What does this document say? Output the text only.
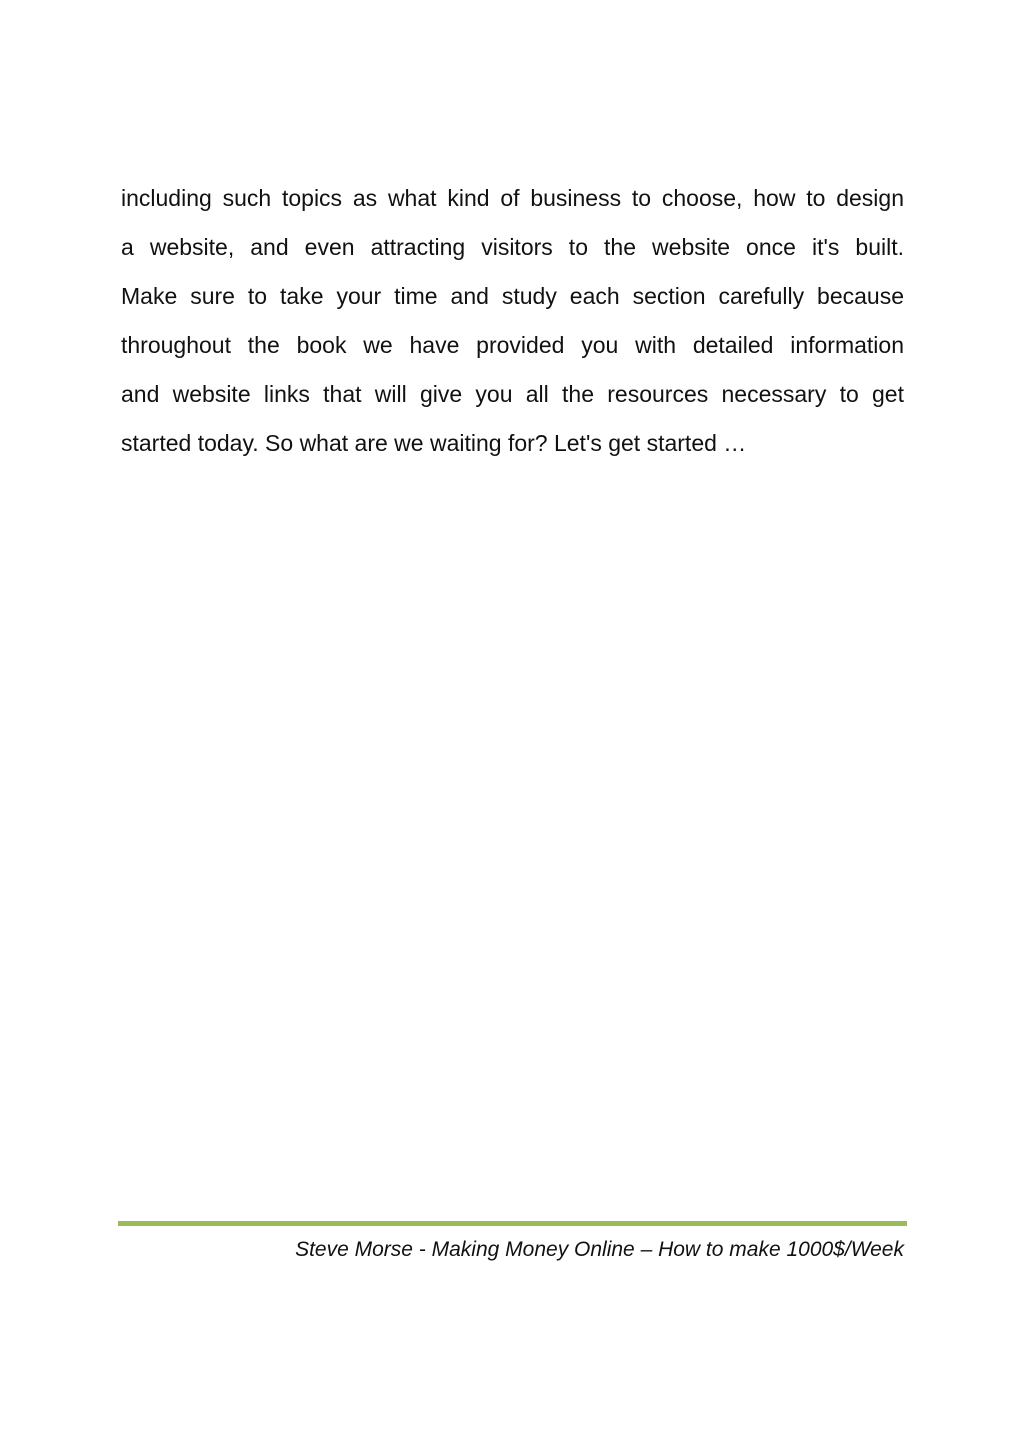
including such topics as what kind of business to choose, how to design
a website, and even attracting visitors to the website once it's built.
Make sure to take your time and study each section carefully because
throughout the book we have provided you with detailed information
and website links that will give you all the resources necessary to get
started today. So what are we waiting for? Let's get started …

Steve Morse - Making Money Online – How to make 1000$/Week
